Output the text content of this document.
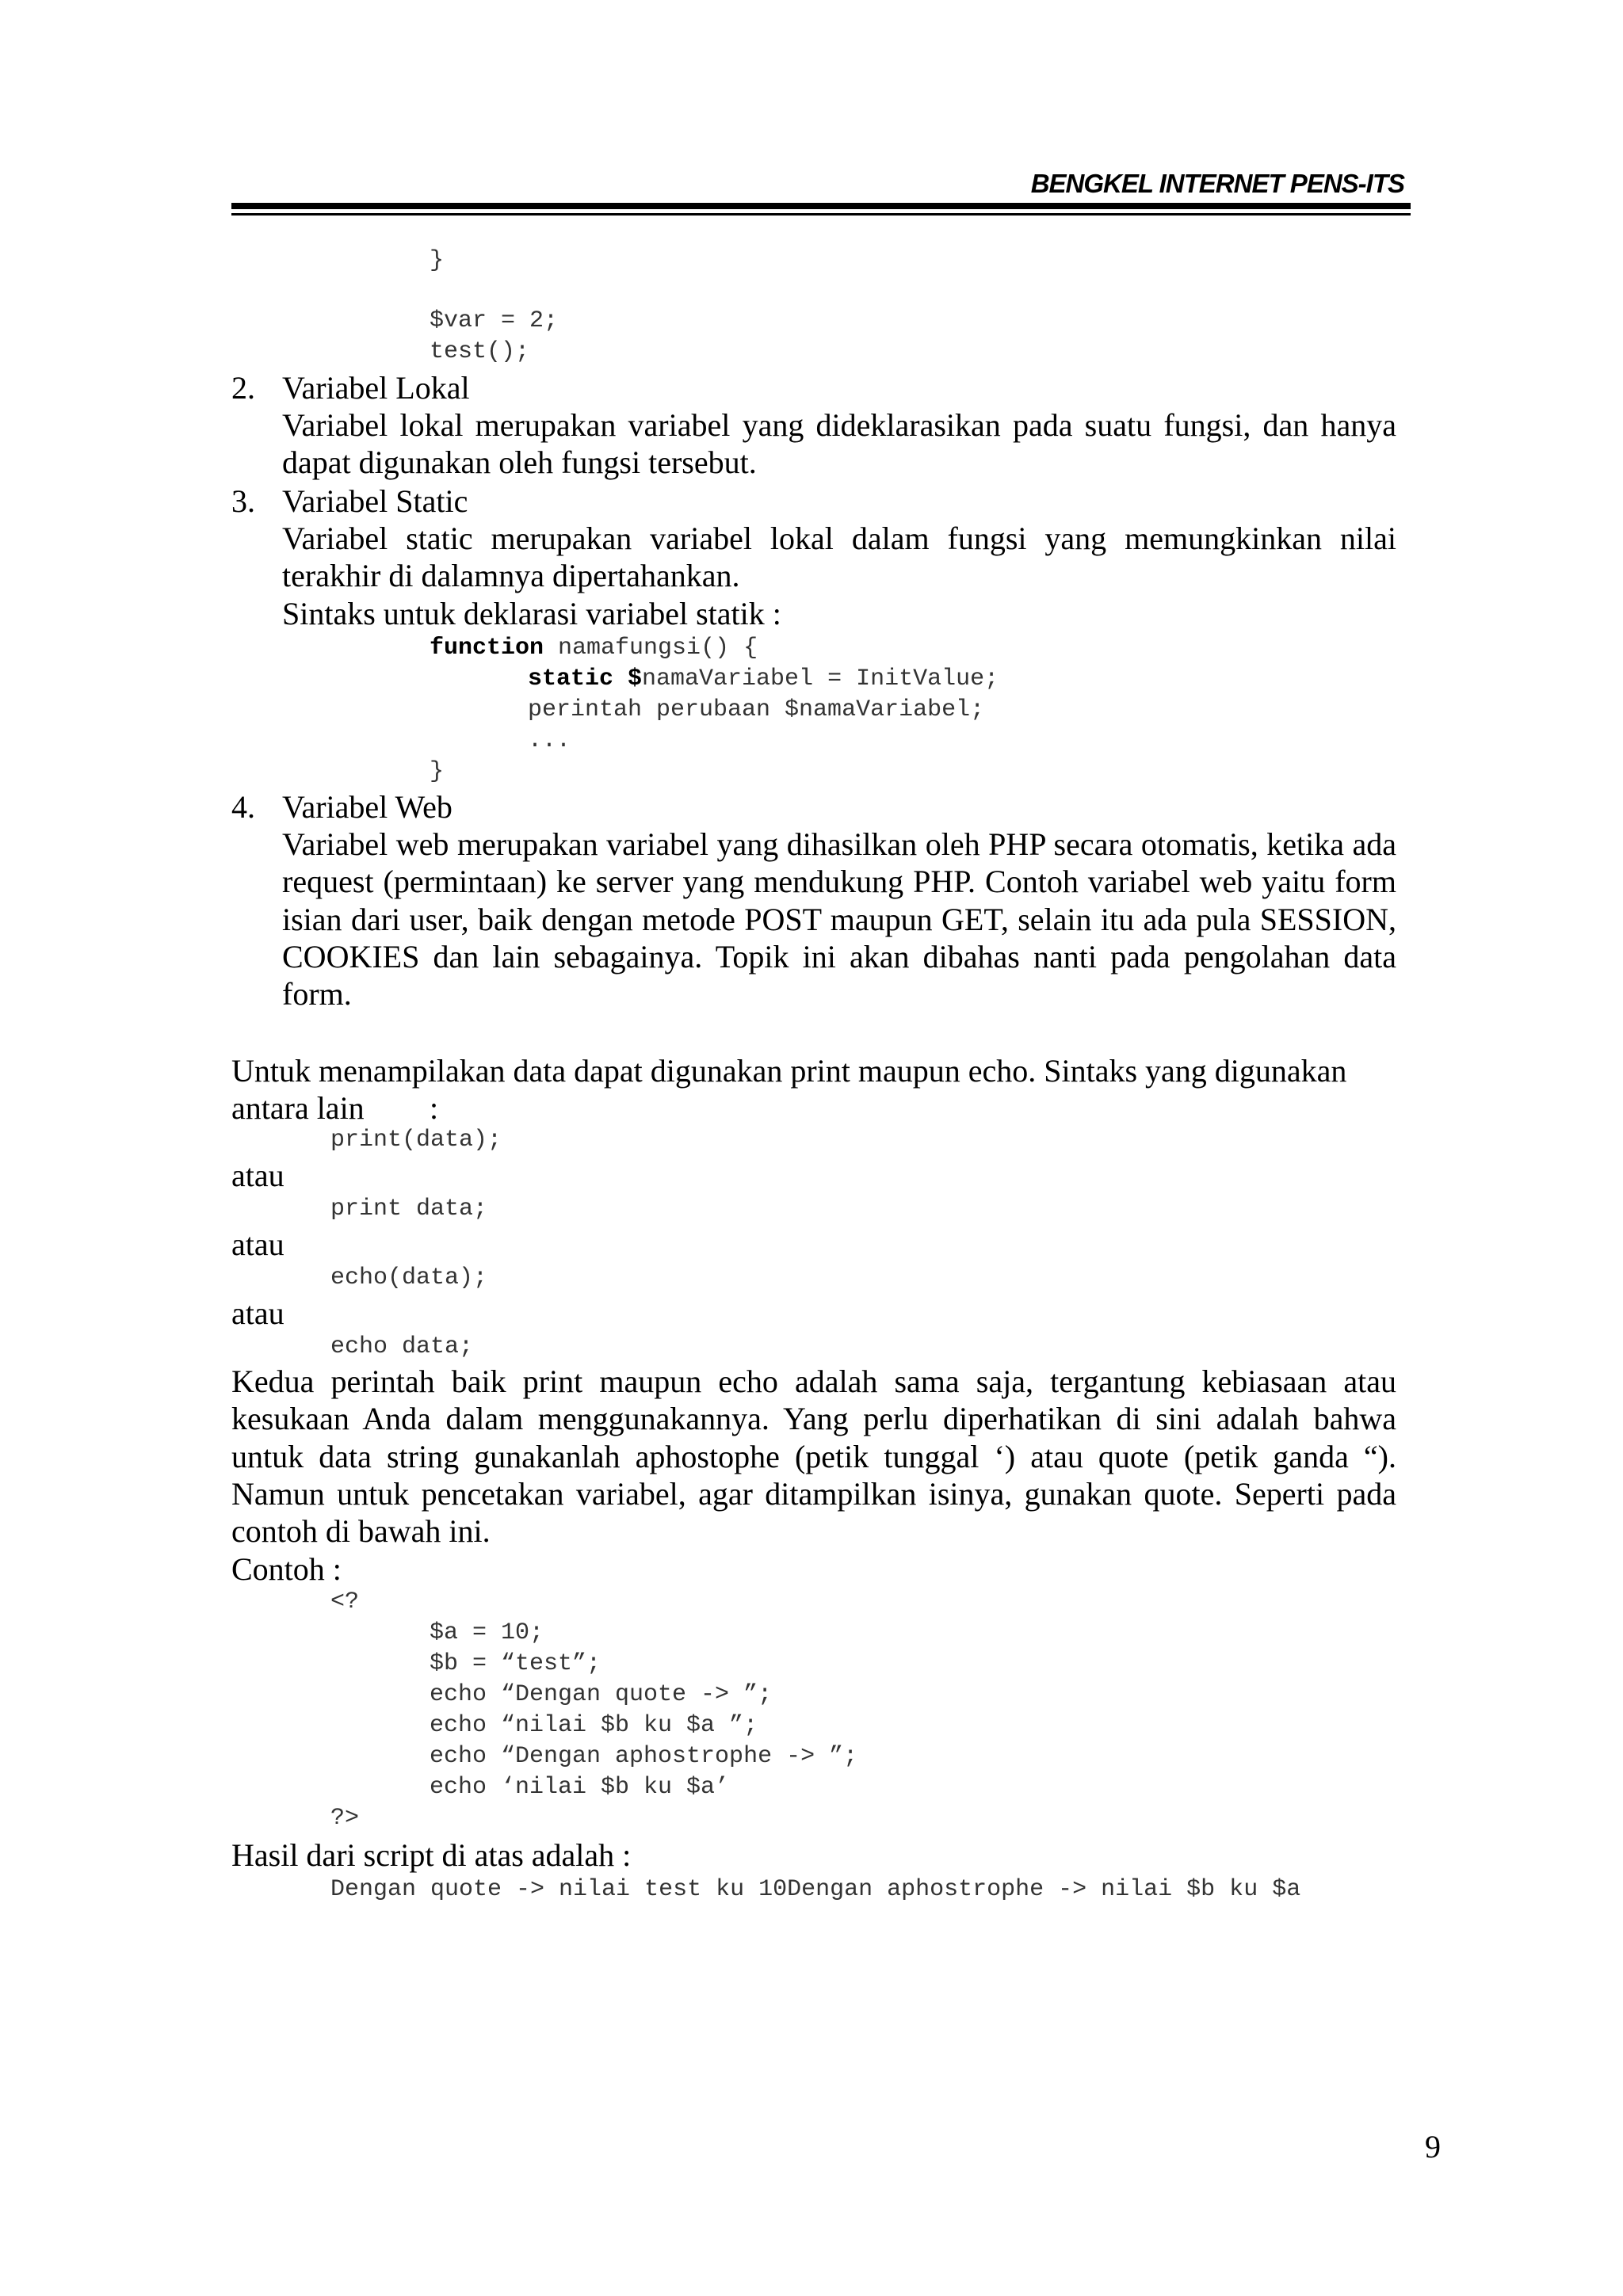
BENGKEL INTERNET PENS-ITS
}
$var = 2;
test();
2. Variabel Lokal
Variabel lokal merupakan variabel yang dideklarasikan pada suatu fungsi, dan hanya dapat digunakan oleh fungsi tersebut.
3. Variabel Static
Variabel static merupakan variabel lokal dalam fungsi yang memungkinkan nilai terakhir di dalamnya dipertahankan.
Sintaks untuk deklarasi variabel statik :
function namafungsi() {
static $namaVariabel = InitValue;
perintah perubaan $namaVariabel;
...
}
4. Variabel Web
Variabel web merupakan variabel yang dihasilkan oleh PHP secara otomatis, ketika ada request (permintaan) ke server yang mendukung PHP. Contoh variabel web yaitu form isian dari user, baik dengan metode POST maupun GET, selain itu ada pula SESSION, COOKIES dan lain sebagainya. Topik ini akan dibahas nanti pada pengolahan data form.
Untuk menampilakan data dapat digunakan print maupun echo. Sintaks yang digunakan
antara lain :
print(data);
atau
print data;
atau
echo(data);
atau
echo data;
Kedua perintah baik print maupun echo adalah sama saja, tergantung kebiasaan atau kesukaan Anda dalam menggunakannya. Yang perlu diperhatikan di sini adalah bahwa untuk data string gunakanlah aphostophe (petik tunggal ‘) atau quote (petik ganda “). Namun untuk pencetakan variabel, agar ditampilkan isinya, gunakan quote. Seperti pada contoh di bawah ini.
Contoh :
<?
$a = 10;
$b = “test”;
echo “Dengan quote -> ”;
echo “nilai $b ku $a ”;
echo “Dengan aphostrophe -> ”;
echo ‘nilai $b ku $a’
?>
Hasil dari script di atas adalah :
Dengan quote -> nilai test ku 10Dengan aphostrophe -> nilai $b ku $a
9
